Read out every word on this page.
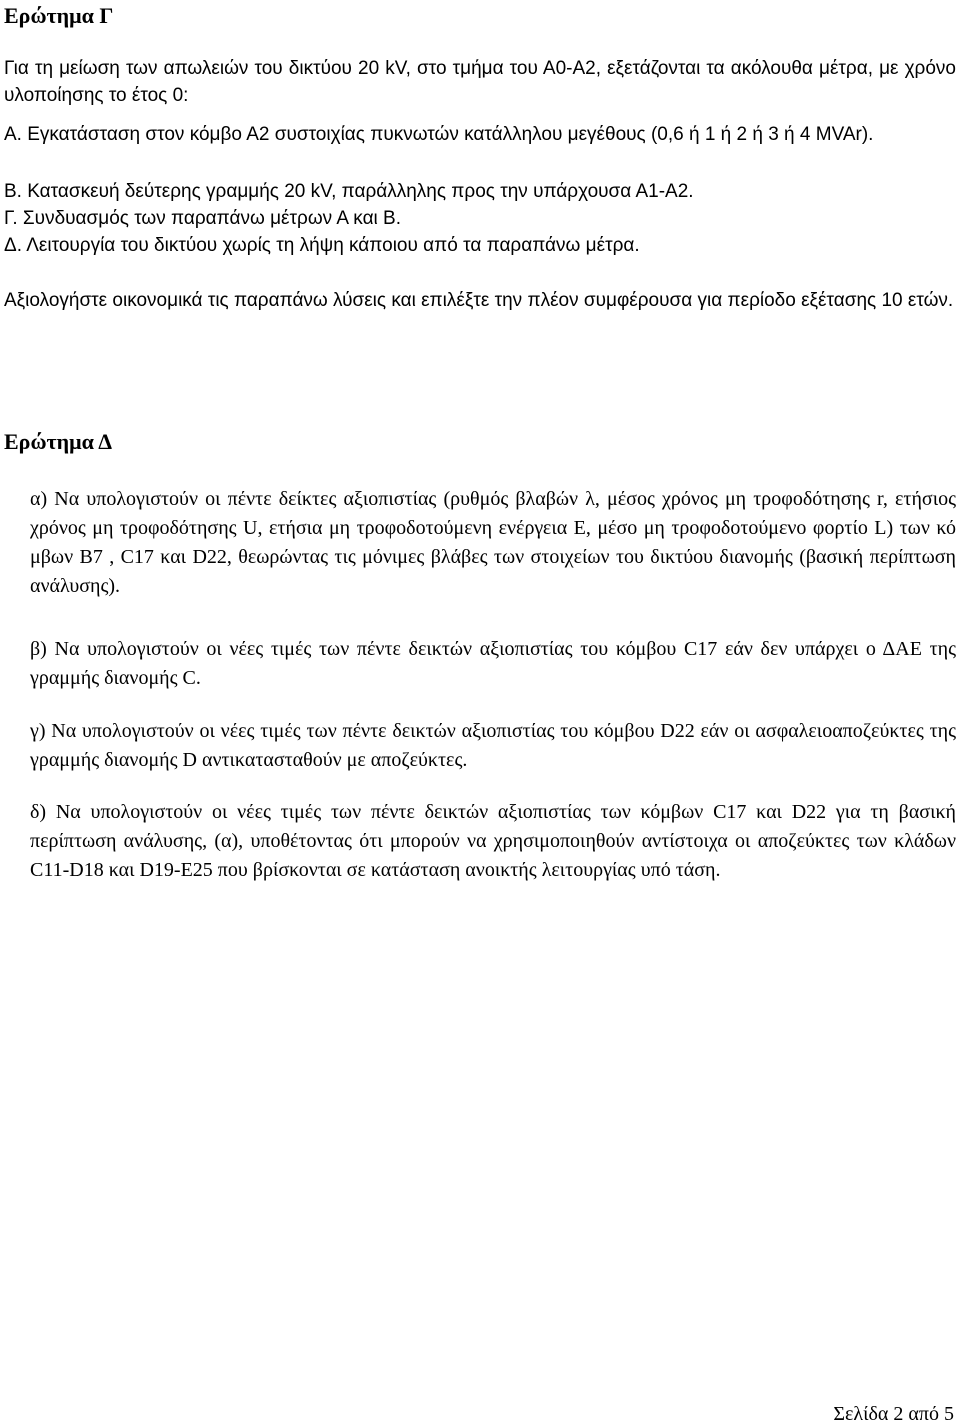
Ερώτημα Γ

Για τη μείωση των απωλειών του δικτύου 20 kV, στο τμήμα του Α0-Α2, εξετάζονται τα ακόλουθα μέτρα, με χρόνο υλοποίησης το έτος 0:

Α. Εγκατάσταση στον κόμβο Α2 συστοιχίας πυκνωτών κατάλληλου μεγέθους (0,6 ή 1 ή 2 ή 3 ή 4 MVAr).

Β. Κατασκευή δεύτερης γραμμής 20 kV, παράλληλης προς την υπάρχουσα Α1-Α2.

Γ. Συνδυασμός των παραπάνω μέτρων Α και Β.

Δ. Λειτουργία του δικτύου χωρίς τη λήψη κάποιου από τα παραπάνω μέτρα.

Αξιολογήστε οικονομικά τις παραπάνω λύσεις και επιλέξτε την πλέον συμφέρουσα για περίοδο εξέτασης 10 ετών.

Ερώτημα Δ

α) Να υπολογιστούν οι πέντε δείκτες αξιοπιστίας (ρυθμός βλαβών λ, μέσος χρόνος μη τροφοδότησης r, ετήσιος χρόνος μη τροφοδότησης U, ετήσια μη τροφοδοτούμενη ενέργεια E, μέσο μη τροφοδοτούμενο φορτίο L) των κό μβων B7 , C17 και D22, θεωρώντας τις μόνιμες βλάβες των στοιχείων του δικτύου διανομής (βασική περίπτωση ανάλυσης).

β) Να υπολογιστούν οι νέες τιμές των πέντε δεικτών αξιοπιστίας του κόμβου C17 εάν δεν υπάρχει ο ΔΑΕ της γραμμής διανομής C.

γ) Να υπολογιστούν οι νέες τιμές των πέντε δεικτών αξιοπιστίας του κόμβου D22 εάν οι ασφαλειοαποζεύκτες της γραμμής διανομής D αντικατασταθούν με αποζεύκτες.

δ) Να υπολογιστούν οι νέες τιμές των πέντε δεικτών αξιοπιστίας των κόμβων C17 και D22 για τη βασική περίπτωση ανάλυσης, (α), υποθέτοντας ότι μπορούν να χρησιμοποιηθούν αντίστοιχα οι αποζεύκτες των κλάδων C11-D18 και D19-E25 που βρίσκονται σε κατάσταση ανοικτής λειτουργίας υπό τάση.

Σελίδα 2 από 5
